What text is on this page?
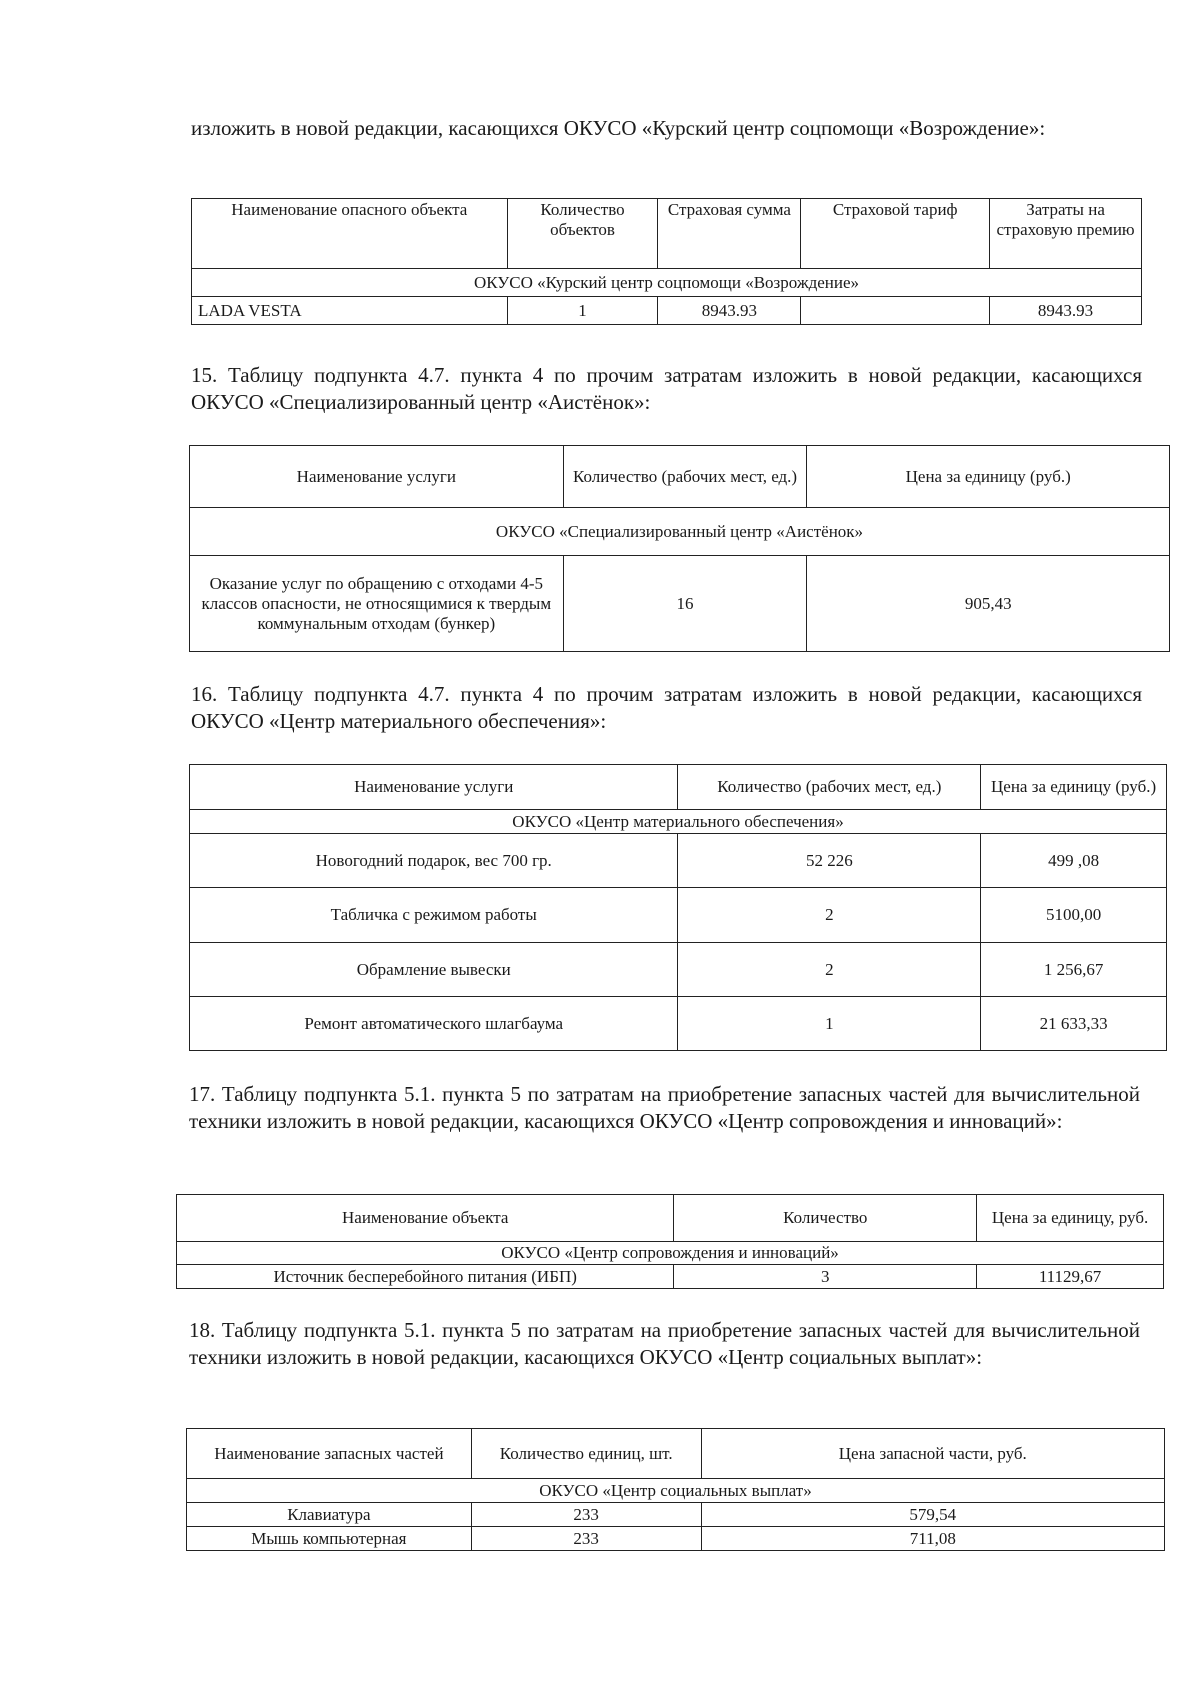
изложить в новой редакции, касающихся ОКУСО «Курский центр соцпомощи «Возрождение»:

Наименование опасного объекта	Количество объектов	Страховая сумма	Страховой тариф	Затраты на страховую премию
ОКУСО «Курский центр соцпомощи «Возрождение»				
LADA VESTA	1	8943.93		8943.93

15. Таблицу подпункта 4.7. пункта 4 по прочим затратам изложить в новой редакции, касающихся ОКУСО «Специализированный центр «Аистёнок»:

Наименование услуги	Количество (рабочих мест, ед.)	Цена за единицу (руб.)
ОКУСО «Специализированный центр «Аистёнок»		
Оказание услуг по обращению с отходами 4-5 классов опасности, не относящимися к твердым коммунальным отходам (бункер)	16	905,43

16. Таблицу подпункта 4.7. пункта 4 по прочим затратам изложить в новой редакции, касающихся ОКУСО «Центр материального обеспечения»:

Наименование услуги	Количество (рабочих мест, ед.)	Цена за единицу (руб.)
ОКУСО «Центр материального обеспечения»		
Новогодний подарок, вес 700 гр.	52 226	499 ,08
Табличка с режимом работы	2	5100,00
Обрамление вывески	2	1 256,67
Ремонт автоматического шлагбаума	1	21 633,33

17. Таблицу подпункта 5.1. пункта 5 по затратам на приобретение запасных частей для вычислительной техники изложить в новой редакции, касающихся ОКУСО «Центр сопровождения и инноваций»:

Наименование объекта	Количество	Цена за единицу, руб.
ОКУСО «Центр сопровождения и инноваций»		
Источник бесперебойного питания (ИБП)	3	11129,67

18. Таблицу подпункта 5.1. пункта 5 по затратам на приобретение запасных частей для вычислительной техники изложить в новой редакции, касающихся ОКУСО «Центр социальных выплат»:

Наименование запасных частей	Количество единиц, шт.	Цена запасной части, руб.
ОКУСО «Центр социальных выплат»		
Клавиатура	233	579,54
Мышь компьютерная	233	711,08
